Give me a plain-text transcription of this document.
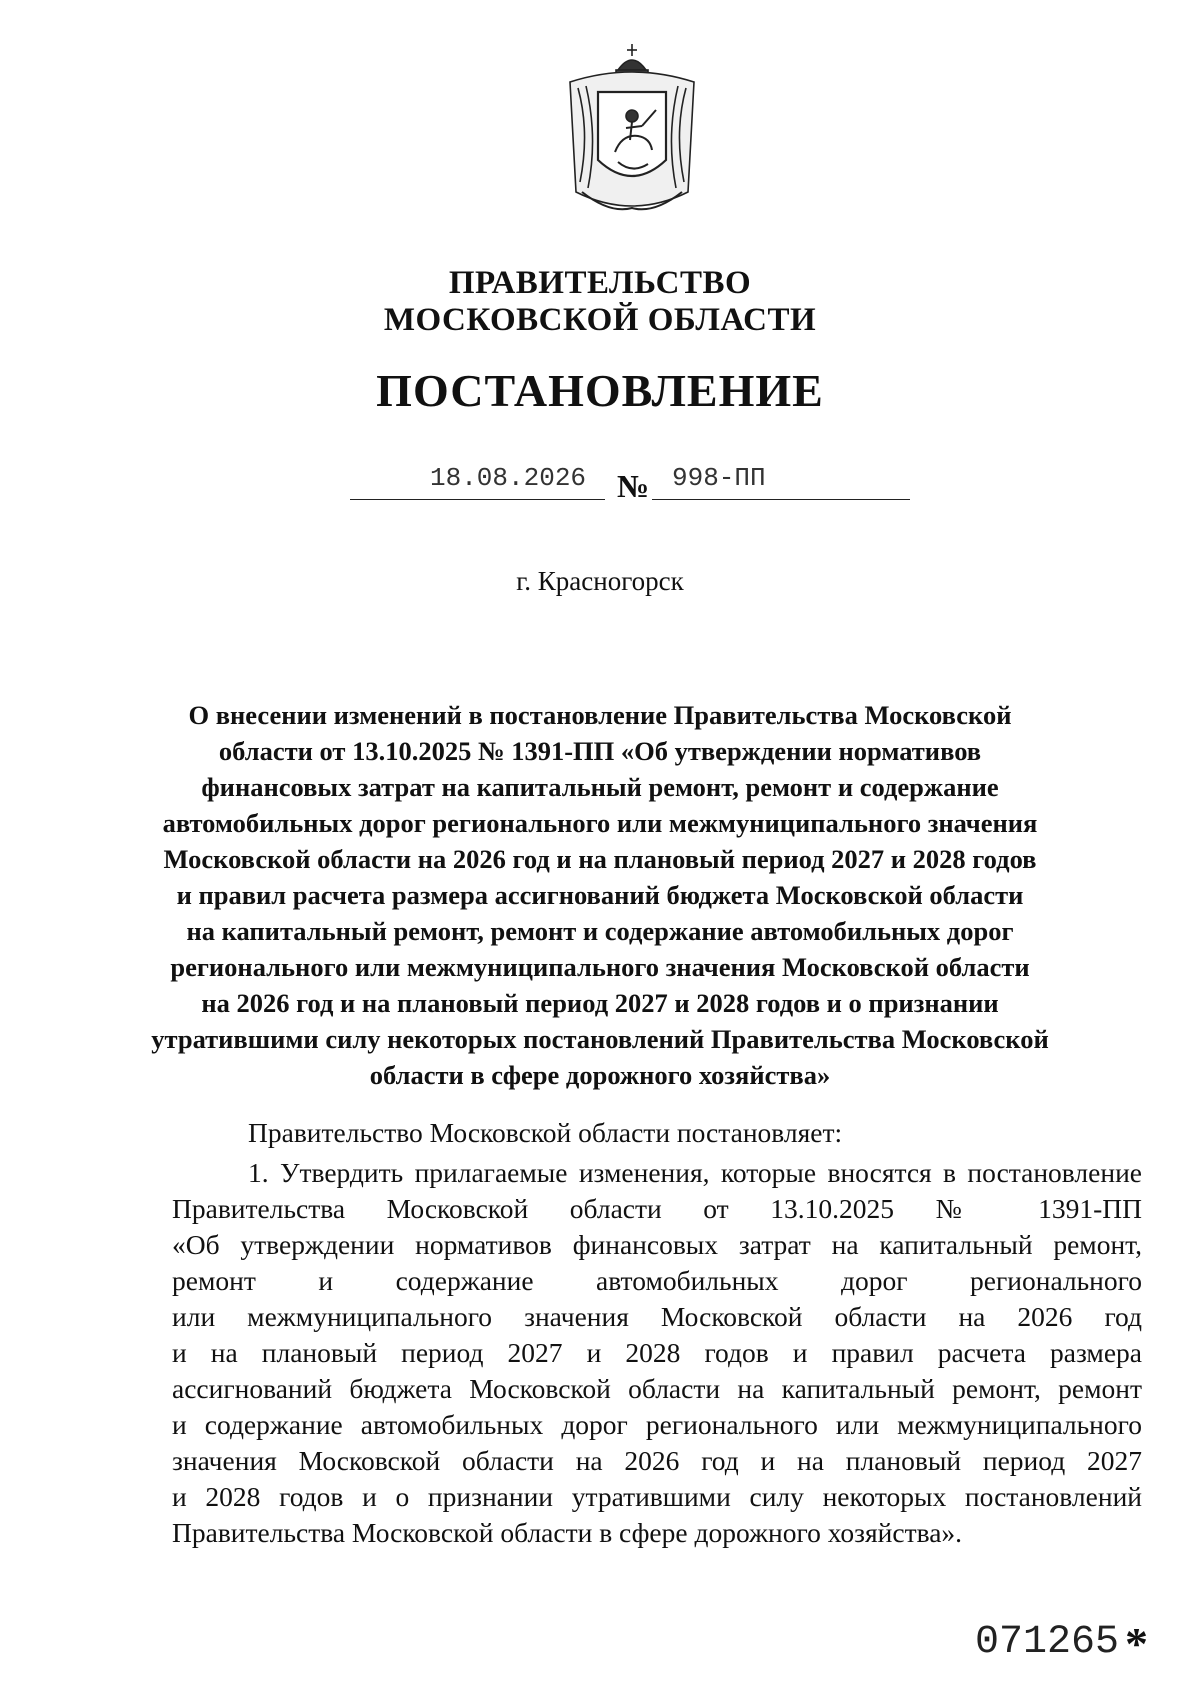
ПРАВИТЕЛЬСТВО
МОСКОВСКОЙ ОБЛАСТИ
ПОСТАНОВЛЕНИЕ
18.08.2026 № 998-ПП
г. Красногорск
О внесении изменений в постановление Правительства Московской
области от 13.10.2025 № 1391-ПП «Об утверждении нормативов
финансовых затрат на капитальный ремонт, ремонт и содержание
автомобильных дорог регионального или межмуниципального значения
Московской области на 2026 год и на плановый период 2027 и 2028 годов
и правил расчета размера ассигнований бюджета Московской области
на капитальный ремонт, ремонт и содержание автомобильных дорог
регионального или межмуниципального значения Московской области
на 2026 год и на плановый период 2027 и 2028 годов и о признании
утратившими силу некоторых постановлений Правительства Московской
области в сфере дорожного хозяйства»
Правительство Московской области постановляет:
1. Утвердить прилагаемые изменения, которые вносятся в постановление
Правительства Московской области от 13.10.2025 № 1391-ПП
«Об утверждении нормативов финансовых затрат на капитальный ремонт,
ремонт и содержание автомобильных дорог регионального
или межмуниципального значения Московской области на 2026 год
и на плановый период 2027 и 2028 годов и правил расчета размера
ассигнований бюджета Московской области на капитальный ремонт, ремонт
и содержание автомобильных дорог регионального или межмуниципального
значения Московской области на 2026 год и на плановый период 2027
и 2028 годов и о признании утратившими силу некоторых постановлений
Правительства Московской области в сфере дорожного хозяйства».
071265 *
